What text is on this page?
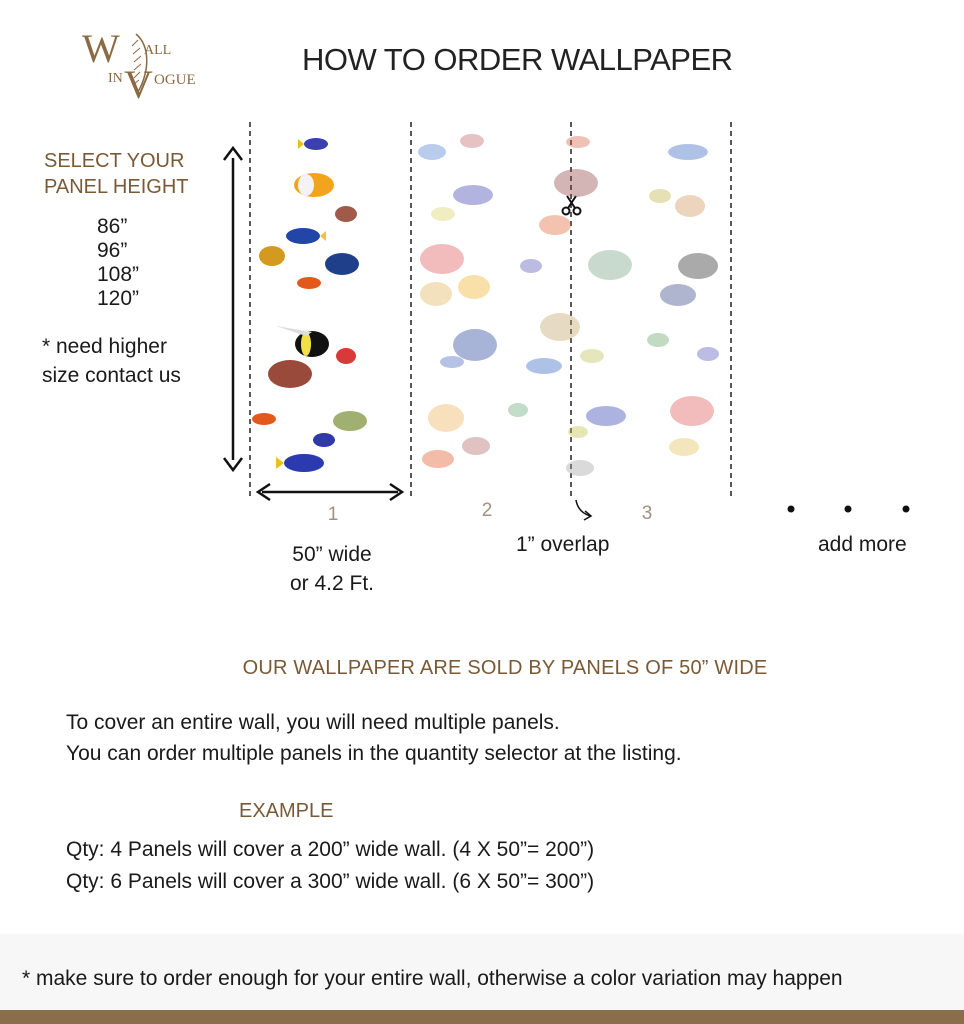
W
V
ALL
IN OGUE
HOW TO ORDER WALLPAPER
SELECT YOUR
PANEL HEIGHT
86”
96”
108”
120”
* need higher
size contact us
1	2	3
50” wide
or 4.2 Ft.
1” overlap	add more
OUR WALLPAPER ARE SOLD BY PANELS OF 50” WIDE
To cover an entire wall, you will need multiple panels.
You can order multiple panels in the quantity selector at the listing.
EXAMPLE
Qty: 4 Panels will cover a 200” wide wall. (4 X 50”= 200”)
Qty: 6 Panels will cover a 300” wide wall. (6 X 50”= 300”)
* make sure to order enough for your entire wall, otherwise a color variation may happen
